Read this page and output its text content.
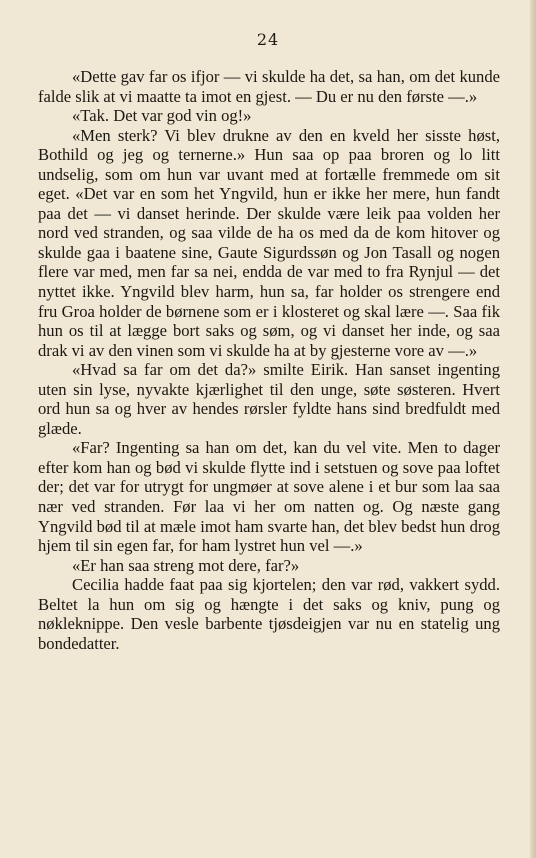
24

«Dette gav far os ifjor — vi skulde ha det, sa han, om det kunde falde slik at vi maatte ta imot en gjest. — Du er nu den første —.»

«Tak. Det var god vin og!»

«Men sterk? Vi blev drukne av den en kveld her sisste høst, Bothild og jeg og ternerne.» Hun saa op paa broren og lo litt undselig, som om hun var uvant med at fortælle fremmede om sit eget. «Det var en som het Yngvild, hun er ikke her mere, hun fandt paa det — vi danset herinde. Der skulde være leik paa volden her nord ved stranden, og saa vilde de ha os med da de kom hitover og skulde gaa i baatene sine, Gaute Sigurdssøn og Jon Tasall og nogen flere var med, men far sa nei, endda de var med to fra Rynjul — det nyttet ikke. Yngvild blev harm, hun sa, far holder os strengere end fru Groa holder de børnene som er i klosteret og skal lære —. Saa fik hun os til at lægge bort saks og søm, og vi danset her inde, og saa drak vi av den vinen som vi skulde ha at by gjesterne vore av —.»

«Hvad sa far om det da?» smilte Eirik. Han sanset ingenting uten sin lyse, nyvakte kjærlighet til den unge, søte søsteren. Hvert ord hun sa og hver av hendes rørsler fyldte hans sind bredfuldt med glæde.

«Far? Ingenting sa han om det, kan du vel vite. Men to dager efter kom han og bød vi skulde flytte ind i setstuen og sove paa loftet der; det var for utrygt for ungmøer at sove alene i et bur som laa saa nær ved stranden. Før laa vi her om natten og. Og næste gang Yngvild bød til at mæle imot ham svarte han, det blev bedst hun drog hjem til sin egen far, for ham lystret hun vel —.»

«Er han saa streng mot dere, far?»

Cecilia hadde faat paa sig kjortelen; den var rød, vakkert sydd. Beltet la hun om sig og hængte i det saks og kniv, pung og nøkleknippe. Den vesle barbente tjøsdeigjen var nu en statelig ung bondedatter.
